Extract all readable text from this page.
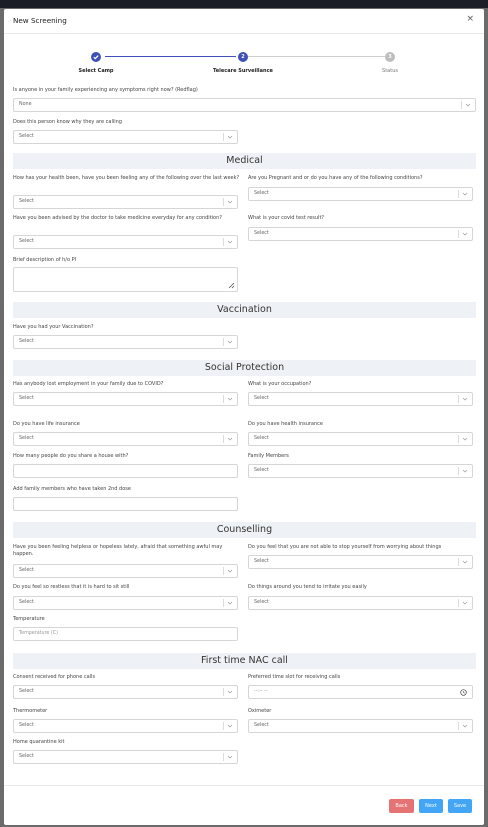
New Screening	×
Select Camp
2
Telecare Surveillance
3
Status
Is anyone in your family experiencing any symptoms right now? (Redflag)
None
Does this person know why they are calling
Select
Medical
How has your health been, have you been feeling any of the following over the last week?
Select
Are you Pregnant and or do you have any of the following conditions?
Select
Have you been advised by the doctor to take medicine everyday for any condition?
Select
What is your covid test result?
Select
Brief description of h/o PI
Vaccination
Have you had your Vaccination?
Select
Social Protection
Has anybody lost employment in your family due to COVID?
Select
What is your occupation?
Select
Do you have life insurance
Select
Do you have health insurance
Select
How many people do you share a house with?	Family Members
Select
Add family members who have taken 2nd dose
Counselling
Have you been feeling helpless or hopeless lately, afraid that something awful may happen.
Select
Do you feel that you are not able to stop yourself from worrying about things
Select
Do you feel so restless that it is hard to sit still
Select
Do things around you tend to irritate you easily
Select
Temperature
Temperature (C)
First time NAC call
Consent received for phone calls
Select
Preferred time slot for receiving calls
--:-- --
Thermometer
Select
Oximeter
Select
Home quarantine kit
Select
Back	Next	Save
